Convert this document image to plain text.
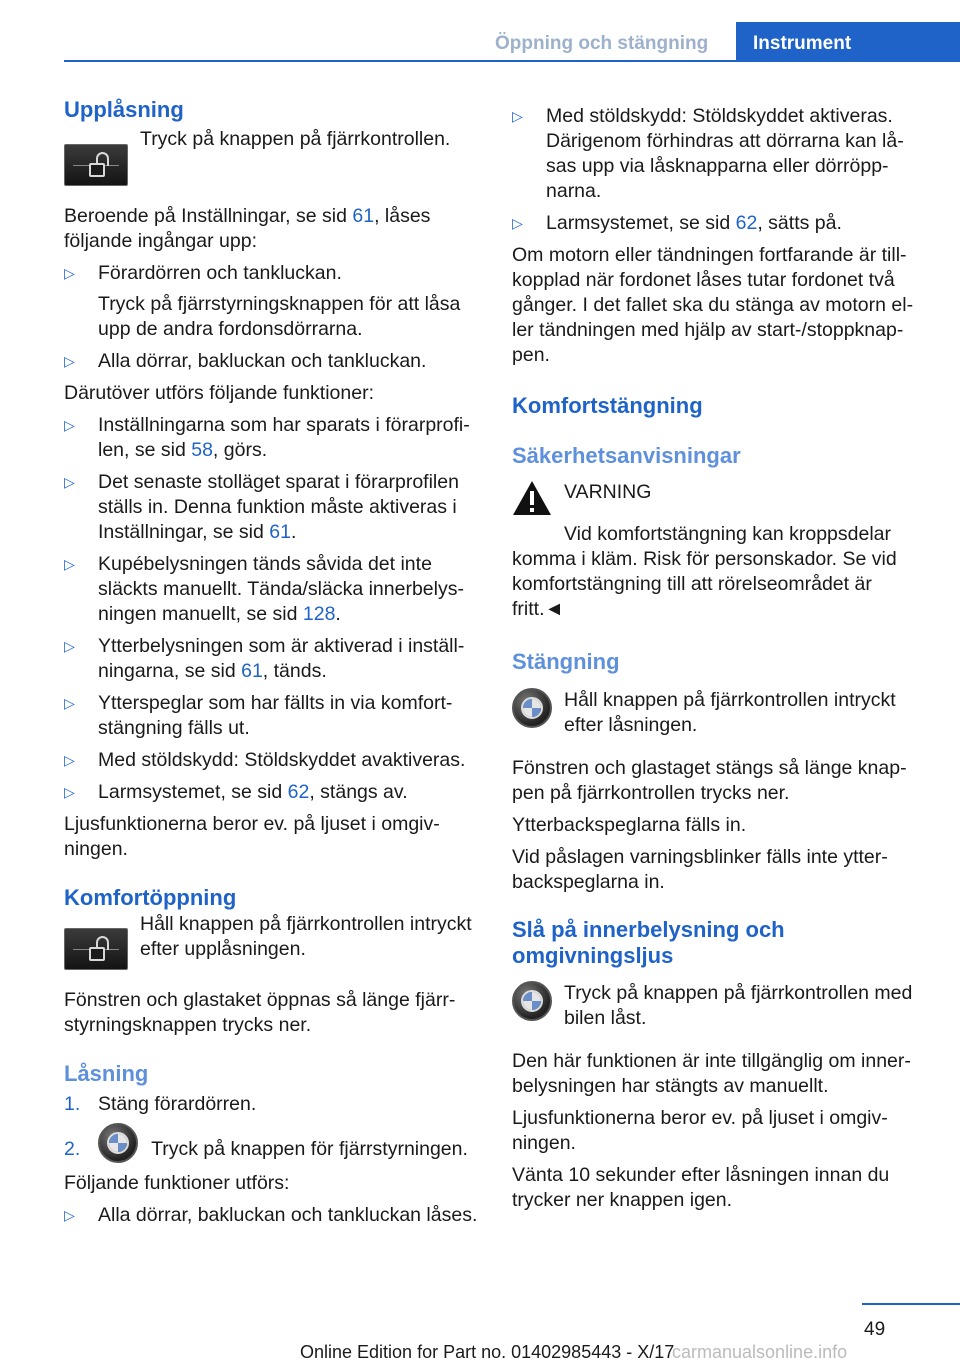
Öppning och stängning	Instrument
Upplåsning
Tryck på knappen på fjärrkontrollen.

Beroende på Inställningar, se sid 61, låses följande ingångar upp:

▷ Förardörren och tankluckan.

Tryck på fjärrstyrningsknappen för att låsa upp de andra fordonsdörrarna.

▷ Alla dörrar, bakluckan och tankluckan.

Därutöver utförs följande funktioner:

▷ Inställningarna som har sparats i förarprofilen, se sid 58, görs.

▷ Det senaste stolläget sparat i förarprofilen ställs in. Denna funktion måste aktiveras i Inställningar, se sid 61.

▷ Kupébelysningen tänds såvida det inte släckts manuellt. Tända/släcka innerbelysningen manuellt, se sid 128.

▷ Ytterbelysningen som är aktiverad i inställningarna, se sid 61, tänds.

▷ Ytterspeglar som har fällts in via komfortstängning fälls ut.

▷ Med stöldskydd: Stöldskyddet avaktiveras.

▷ Larmsystemet, se sid 62, stängs av.

Ljusfunktionerna beror ev. på ljuset i omgivningen.

Komfortöppning
Håll knappen på fjärrkontrollen intryckt efter upplåsningen.

Fönstren och glastaket öppnas så länge fjärrstyrningsknappen trycks ner.

Låsning
1. Stäng förardörren.
2.	Tryck på knappen för fjärrstyrningen.

Följande funktioner utförs:

▷ Alla dörrar, bakluckan och tankluckan låses.

▷ Med stöldskydd: Stöldskyddet aktiveras. Därigenom förhindras att dörrarna kan låsas upp via låsknapparna eller dörröppnarna.

▷ Larmsystemet, se sid 62, sätts på.

Om motorn eller tändningen fortfarande är tillkopplad när fordonet låses tutar fordonet två gånger. I det fallet ska du stänga av motorn eller tändningen med hjälp av start-/stoppknappen.

Komfortstängning
Säkerhetsanvisningar
VARNING

Vid komfortstängning kan kroppsdelar komma i kläm. Risk för personskador. Se vid komfortstängning till att rörelseområdet är fritt.◄

Stängning
Håll knappen på fjärrkontrollen intryckt efter låsningen.

Fönstren och glastaget stängs så länge knappen på fjärrkontrollen trycks ner.

Ytterbackspeglarna fälls in.

Vid påslagen varningsblinker fälls inte ytterbackspeglarna in.

Slå på innerbelysning och omgivningsljus
Tryck på knappen på fjärrkontrollen med bilen låst.

Den här funktionen är inte tillgänglig om innerbelysningen har stängts av manuellt.

Ljusfunktionerna beror ev. på ljuset i omgivningen.

Vänta 10 sekunder efter låsningen innan du trycker ner knappen igen.

49
Online Edition for Part no. 01402985443 - X/17
carmanualsonline.info
